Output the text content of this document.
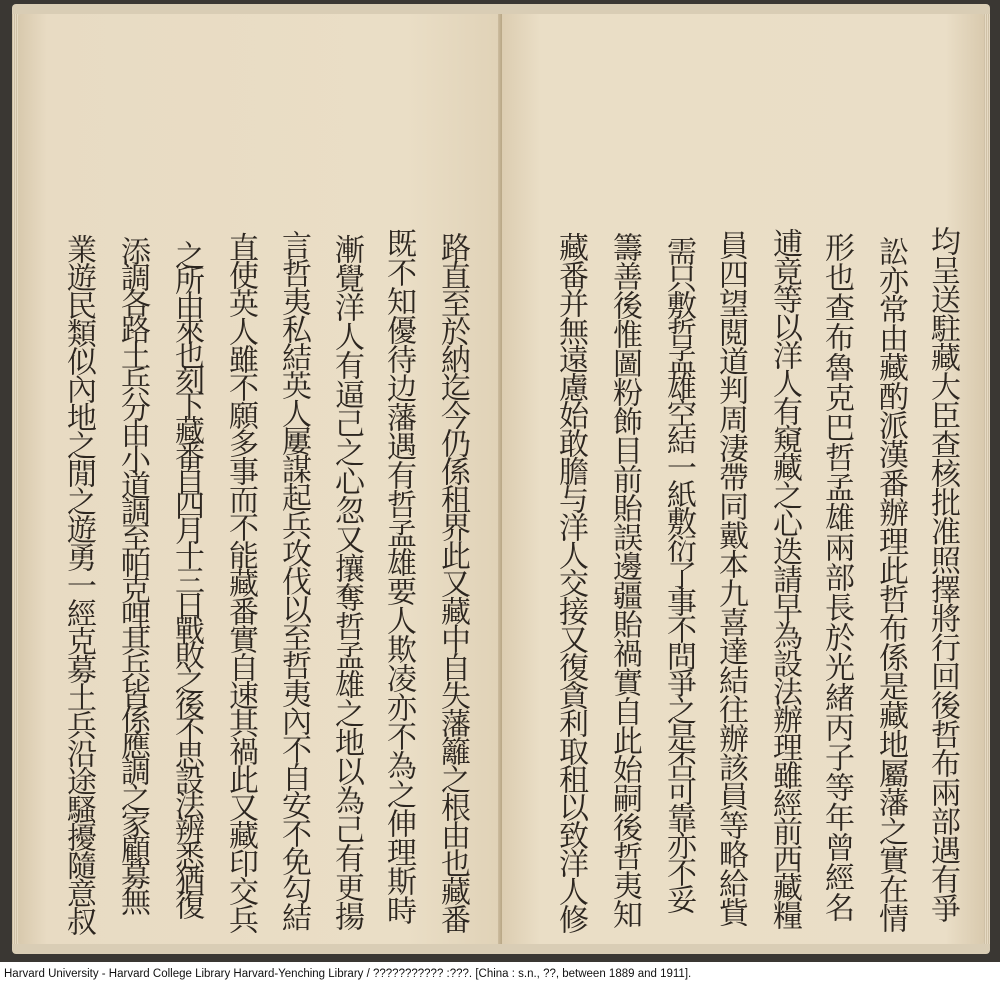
路直至於納迄今仍係租界此又藏中自失藩籬之根由也藏番
既不知優待边藩遇有哲孟雄要人欺凌亦不為之伸理斯時
漸覺洋人有逼己之心忽又攘奪哲孟雄之地以為己有更揚
言哲夷私結英人屢謀起兵攻伐以至哲夷內不自安不免勾結
直使英人雖不願多事而不能藏番實自速其禍此又藏印交兵
之所由來也刻下藏番自四月十三日戰敗之後不思設法辨悉猶復
添調各路土兵分由小道調至帕克哩其兵皆係應調之家顧募無
業遊民類似內地之閒之遊勇一經克募土兵沿途騷擾隨意叔	均呈送駐藏大臣查核批准照擇將行回後哲布兩部遇有爭
訟亦常由藏酌派漢番辦理此哲布係是藏地屬藩之實在情
形也查布魯克巴哲孟雄兩部長於光緒丙子等年曾經名
逋竟等以洋人有窺藏之心迭請早為設法辦理雖經前西藏糧
員四望閲道判周淒帶同戴本九喜達結往辦該員等略給貲
需只敷哲孟雄空結一紙敷衍了事不問爭之是否可靠亦不妥
籌善後惟圖粉飾目前貽誤邊疆貽禍實自此始嗣後哲夷知
藏番并無遠慮始敢膽与洋人交接又復貪利取租以致洋人修
Harvard University - Harvard College Library Harvard-Yenching Library / ??????????? :???. [China : s.n., ??, between 1889 and 1911].
